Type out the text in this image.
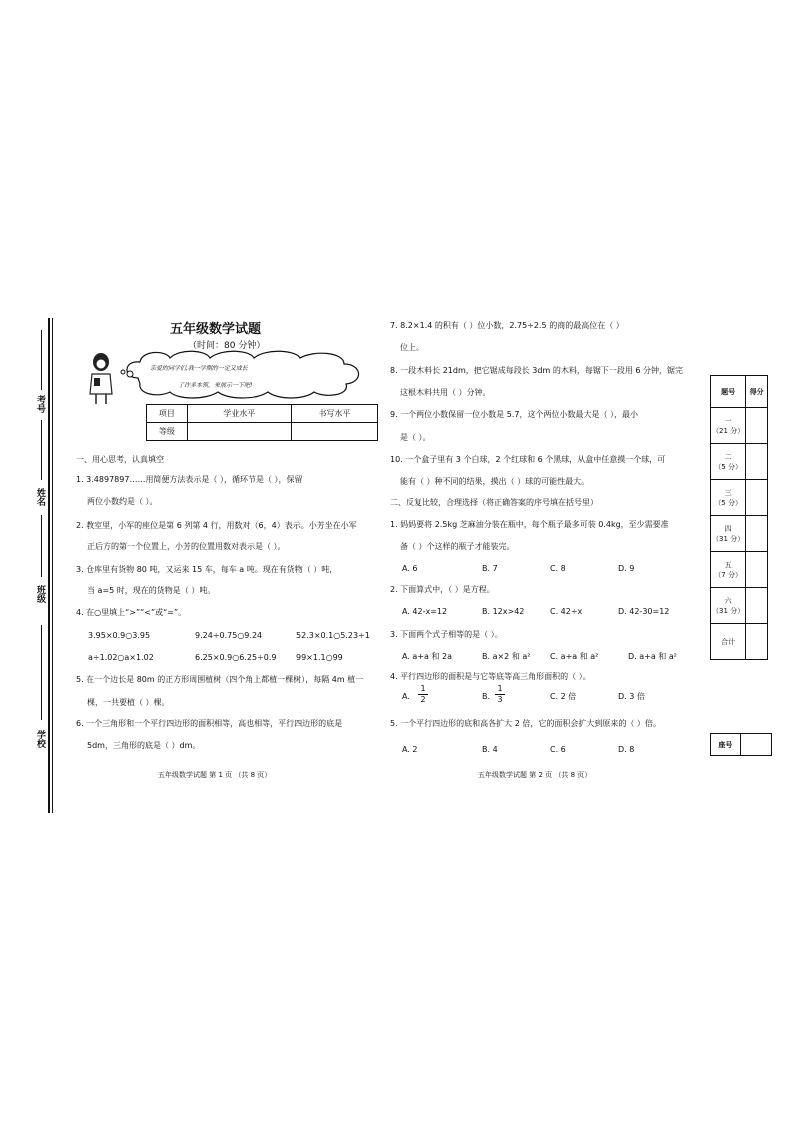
考号
姓名
班级
学校
五年级数学试题
（时间：80 分钟）
亲爱的同学们,我一学期的一定又成长
了许多本领，来展示一下吧!
项目	学业水平	书写水平
等级		
一、用心思考，认真填空
1. 3.4897897……用简便方法表示是（ ），循环节是（ ），保留
两位小数约是（ ）。
2. 教室里，小军的座位是第 6 列第 4 行，用数对（6，4）表示。小芳坐在小军
正后方的第一个位置上，小芳的位置用数对表示是（ ）。
3. 仓库里有货物 80 吨，又运来 15 车，每车 a 吨。现在有货物（ ）吨，
当 a=5 时，现在的货物是（ ）吨。
4. 在○里填上“>”“<”或“=”。
3.95×0.9○3.95	9.24÷0.75○9.24	52.3×0.1○5.23÷1
a÷1.02○a×1.02	6.25×0.9○6.25÷0.9 99×1.1○99
5. 在一个边长是 80m 的正方形周围植树（四个角上都植一棵树），每隔 4m 植一
棵，一共要植（ ）棵。
6. 一个三角形和一个平行四边形的面积相等，高也相等，平行四边形的底是
5dm，三角形的底是（ ）dm。
五年级数学试题 第 1 页 （共 8 页）
7. 8.2×1.4 的积有（ ）位小数，2.75÷2.5 的商的最高位在（ ）
位上。
8. 一段木料长 21dm，把它锯成每段长 3dm 的木料，每锯下一段用 6 分钟，锯完
这根木料共用（ ）分钟。
9. 一个两位小数保留一位小数是 5.7，这个两位小数最大是（ ），最小
是（ ）。
10. 一个盒子里有 3 个白球，2 个红球和 6 个黑球，从盒中任意摸一个球，可
能有（ ）种不同的结果，摸出（ ）球的可能性最大。
二、反复比较，合理选择（将正确答案的序号填在括号里）
1. 妈妈要将 2.5kg 芝麻油分装在瓶中，每个瓶子最多可装 0.4kg，至少需要准
备（ ）个这样的瓶子才能装完。
A. 6	B. 7	C. 8	D. 9
2. 下面算式中，（ ）是方程。
A. 42-x=12	B. 12x>42	C. 42÷x	D. 42-30=12
3. 下面两个式子相等的是（ ）。
A. a+a 和 2a	B. a×2 和 a² C. a+a 和 a²	D. a+a 和 a²
4. 平行四边形的面积是与它等底等高三角形面积的（ ）。
A.
1
2	B.
1
3	C. 2 倍	D. 3 倍
5. 一个平行四边形的底和高各扩大 2 倍，它的面积会扩大到原来的（ ）倍。
A. 2	B. 4	C. 6	D. 8
五年级数学试题 第 2 页 （共 8 页）
题号	得分

一
（21 分）	

二
（5 分）	

三
（5 分）	

四
（31 分）	

五
（7 分）	

六
（31 分）	

合计	
座号	
